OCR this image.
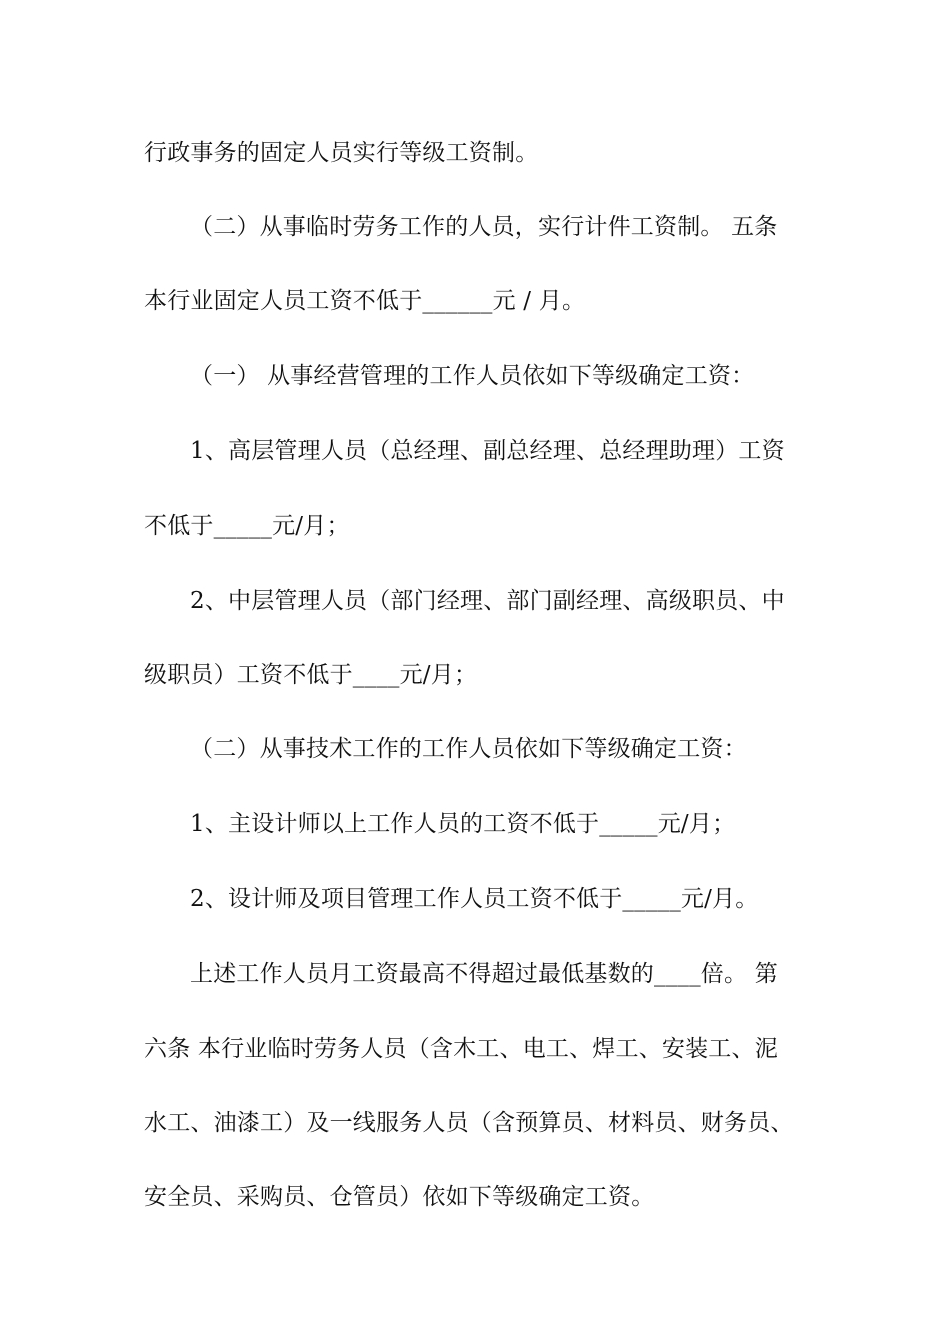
行政事务的固定人员实行等级工资制。
（二）从事临时劳务工作的人员，实行计件工资制。 五条
本行业固定人员工资不低于______元 / 月。
（一） 从事经营管理的工作人员依如下等级确定工资：
1、高层管理人员（总经理、副总经理、总经理助理）工资
不低于_____元/月；
2、中层管理人员（部门经理、部门副经理、高级职员、中
级职员）工资不低于____元/月；
（二）从事技术工作的工作人员依如下等级确定工资：
1、主设计师以上工作人员的工资不低于_____元/月；
2、设计师及项目管理工作人员工资不低于_____元/月。
上述工作人员月工资最高不得超过最低基数的____倍。 第
六条 本行业临时劳务人员（含木工、电工、焊工、安装工、泥
水工、油漆工）及一线服务人员（含预算员、材料员、财务员、
安全员、采购员、仓管员）依如下等级确定工资。
